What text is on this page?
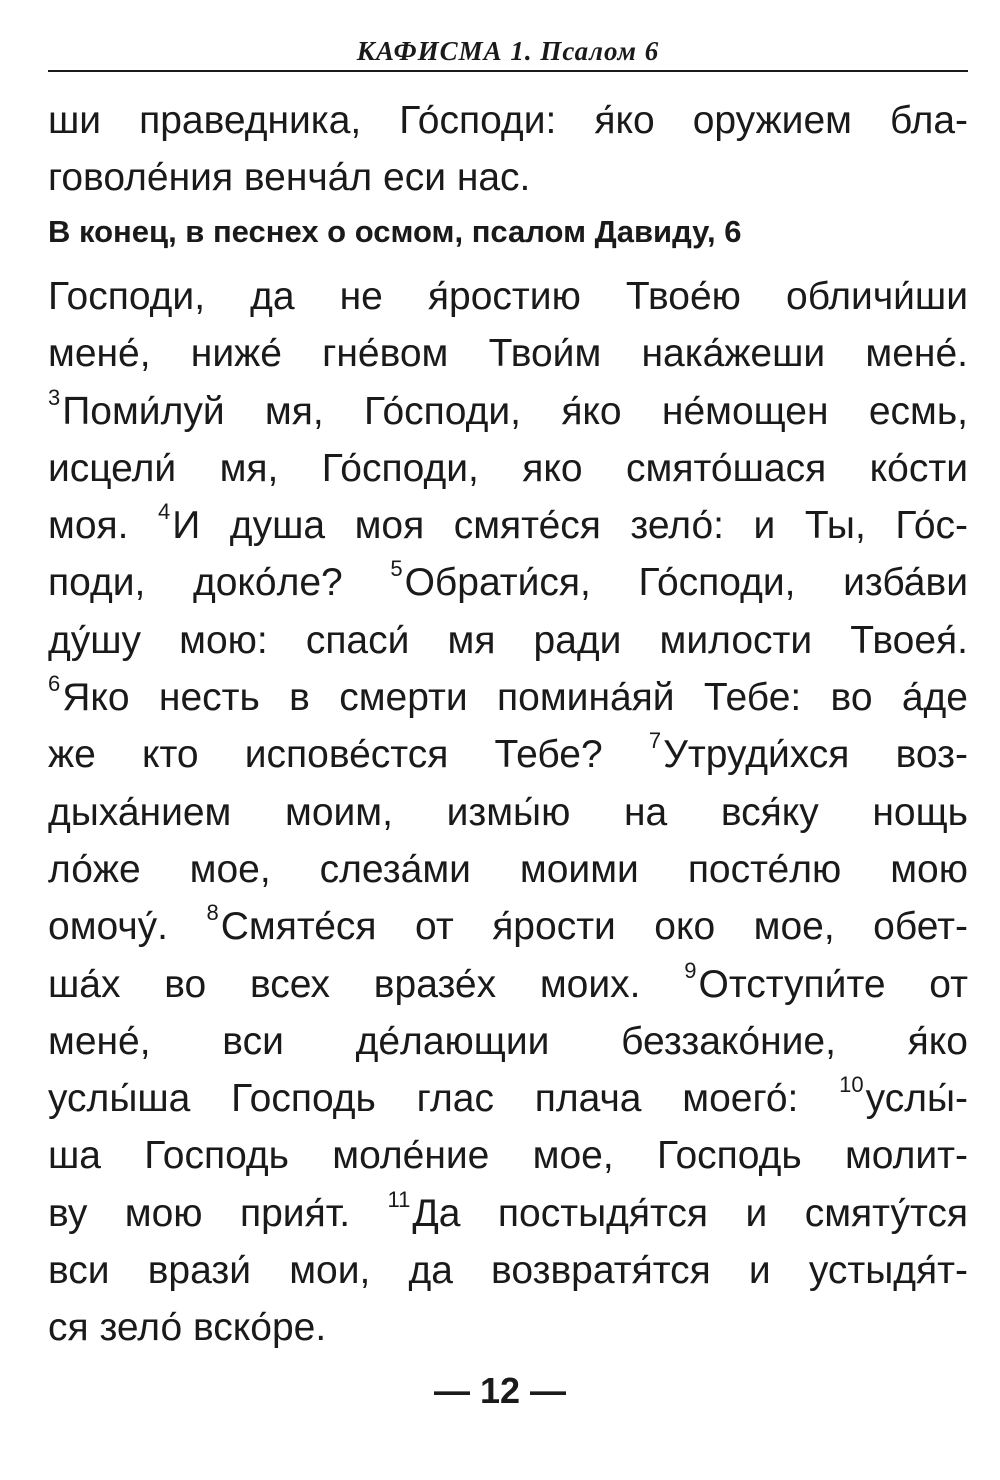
КАФИСМА 1. Псалом 6
ши праведника, Го́споди: я́ко оружием бла-
говоле́ния венча́л еси нас.
В конец, в песнех о осмом, псалом Давиду, 6
Господи, да не я́ростию Твое́ю обличи́ши
мене́, ниже́ гне́вом Твои́м нака́жеши мене́.
$^3$Поми́луй мя, Го́споди, я́ко не́мощен есмь,
исцели́ мя, Го́споди, яко смято́шася ко́сти
моя. $^4$И душа моя смяте́ся зело́: и Ты, Го́с-
поди, доко́ле? $^5$Обрати́ся, Го́споди, изба́ви
ду́шу мою: спаси́ мя ради милости Твоея́.
$^6$Яко несть в смерти помина́яй Тебе: во а́де
же кто испове́стся Тебе? $^7$Утруди́хся воз-
дыха́нием моим, измы́ю на вся́ку нощь
ло́же мое, слеза́ми моими посте́лю мою
омочу́. $^8$Смяте́ся от я́рости око мое, обет-
ша́х во всех вразе́х моих. $^9$Отступи́те от
мене́, вси де́лающии беззако́ние, я́ко
услы́ша Господь глас плача моего́: $^{10}$услы́-
ша Господь моле́ние мое, Господь молит-
ву мою прия́т. $^{11}$Да постыдя́тся и смяту́тся
вси врази́ мои, да возвратя́тся и устыдя́т-
ся зело́ вско́ре.
— 12 —
